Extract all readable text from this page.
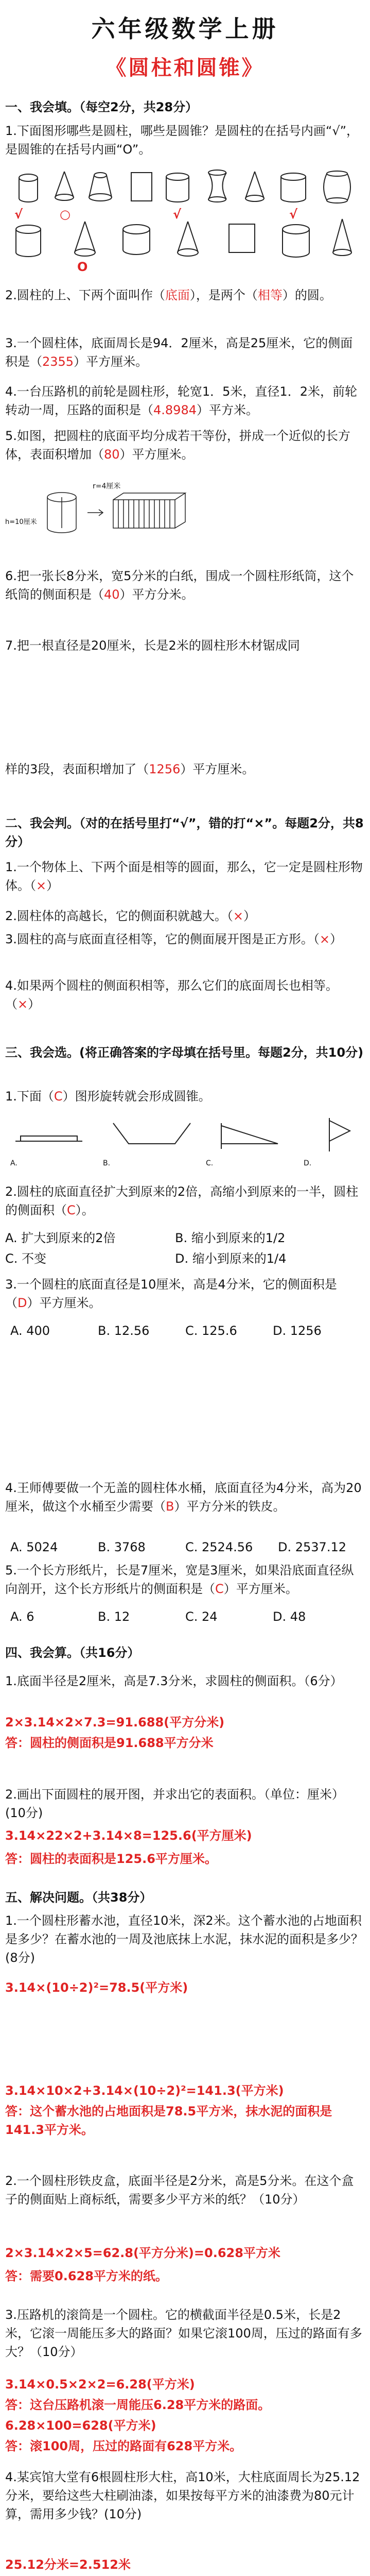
六年级数学上册
《圆柱和圆锥》
一、我会填。（每空2分，共28分）
1.下面图形哪些是圆柱，哪些是圆锥？是圆柱的在括号内画“√”，是圆锥的在括号内画“O”。
√	○	√	√
O
2.圆柱的上、下两个面叫作（底面），是两个（相等）的圆。
3.一个圆柱体，底面周长是94．2厘米，高是25厘米，它的侧面积是（2355）平方厘米。
4.一台压路机的前轮是圆柱形，轮宽1．5米，直径1．2米，前轮转动一周，压路的面积是（4.8984）平方米。
5.如图，把圆柱的底面平均分成若干等份，拼成一个近似的长方体，表面积增加（80）平方厘米。
r=4厘米
h=10厘米
6.把一张长8分米，宽5分米的白纸，围成一个圆柱形纸筒，这个纸筒的侧面积是（40）平方分米。
7.把一根直径是20厘米，长是2米的圆柱形木材锯成同
样的3段，表面积增加了（1256）平方厘米。
二、我会判。（对的在括号里打“√”，错的打“×”。每题2分，共8分）
1.一个物体上、下两个面是相等的圆面，那么，它一定是圆柱形物体。（×）
2.圆柱体的高越长，它的侧面积就越大。（×）
3.圆柱的高与底面直径相等，它的侧面展开图是正方形。（×）
4.如果两个圆柱的侧面积相等，那么它们的底面周长也相等。（×）
三、我会选。(将正确答案的字母填在括号里。每题2分，共10分)
1.下面（C）图形旋转就会形成圆锥。
A.	B.	C.	D.
2.圆柱的底面直径扩大到原来的2倍，高缩小到原来的一半，圆柱的侧面积（C）。
A. 扩大到原来的2倍	B. 缩小到原来的1/2
C. 不变	D. 缩小到原来的1/4
3.一个圆柱的底面直径是10厘米，高是4分米，它的侧面积是（D）平方厘米。
A. 400	B. 12.56	C. 125.6	D. 1256
4.王师傅要做一个无盖的圆柱体水桶，底面直径为4分米，高为20厘米，做这个水桶至少需要（B）平方分米的铁皮。
A. 5024	B. 3768	C. 2524.56	D. 2537.12
5.一个长方形纸片，长是7厘米，宽是3厘米，如果沿底面直径纵向剖开，这个长方形纸片的侧面积是（C）平方厘米。
A. 6	B. 12	C. 24	D. 48
四、我会算。（共16分）
1.底面半径是2厘米，高是7.3分米，求圆柱的侧面积。（6分）
2×3.14×2×7.3=91.688(平方分米)
答：圆柱的侧面积是91.688平方分米
2.画出下面圆柱的展开图，并求出它的表面积。（单位：厘米）(10分)
3.14×22×2+3.14×8=125.6(平方厘米)
答：圆柱的表面积是125.6平方厘米。
五、解决问题。（共38分）
1.一个圆柱形蓄水池，直径10米，深2米。这个蓄水池的占地面积是多少？在蓄水池的一周及池底抹上水泥，抹水泥的面积是多少？(8分)
3.14×(10÷2)²=78.5(平方米)
3.14×10×2+3.14×(10÷2)²=141.3(平方米)
答：这个蓄水池的占地面积是78.5平方米，抹水泥的面积是141.3平方米。
2.一个圆柱形铁皮盒，底面半径是2分米，高是5分米。在这个盒子的侧面贴上商标纸，需要多少平方米的纸？（10分）
2×3.14×2×5=62.8(平方分米)=0.628平方米
答：需要0.628平方米的纸。
3.压路机的滚筒是一个圆柱。它的横截面半径是0.5米，长是2米，它滚一周能压多大的路面？如果它滚100周，压过的路面有多大？（10分）
3.14×0.5×2×2=6.28(平方米)
答：这台压路机滚一周能压6.28平方米的路面。
6.28×100=628(平方米)
答：滚100周，压过的路面有628平方米。
4.某宾馆大堂有6根圆柱形大柱，高10米，大柱底面周长为25.12分米，要给这些大柱刷油漆，如果按每平方米的油漆费为80元计算，需用多少钱？(10分)
25.12分米=2.512米
